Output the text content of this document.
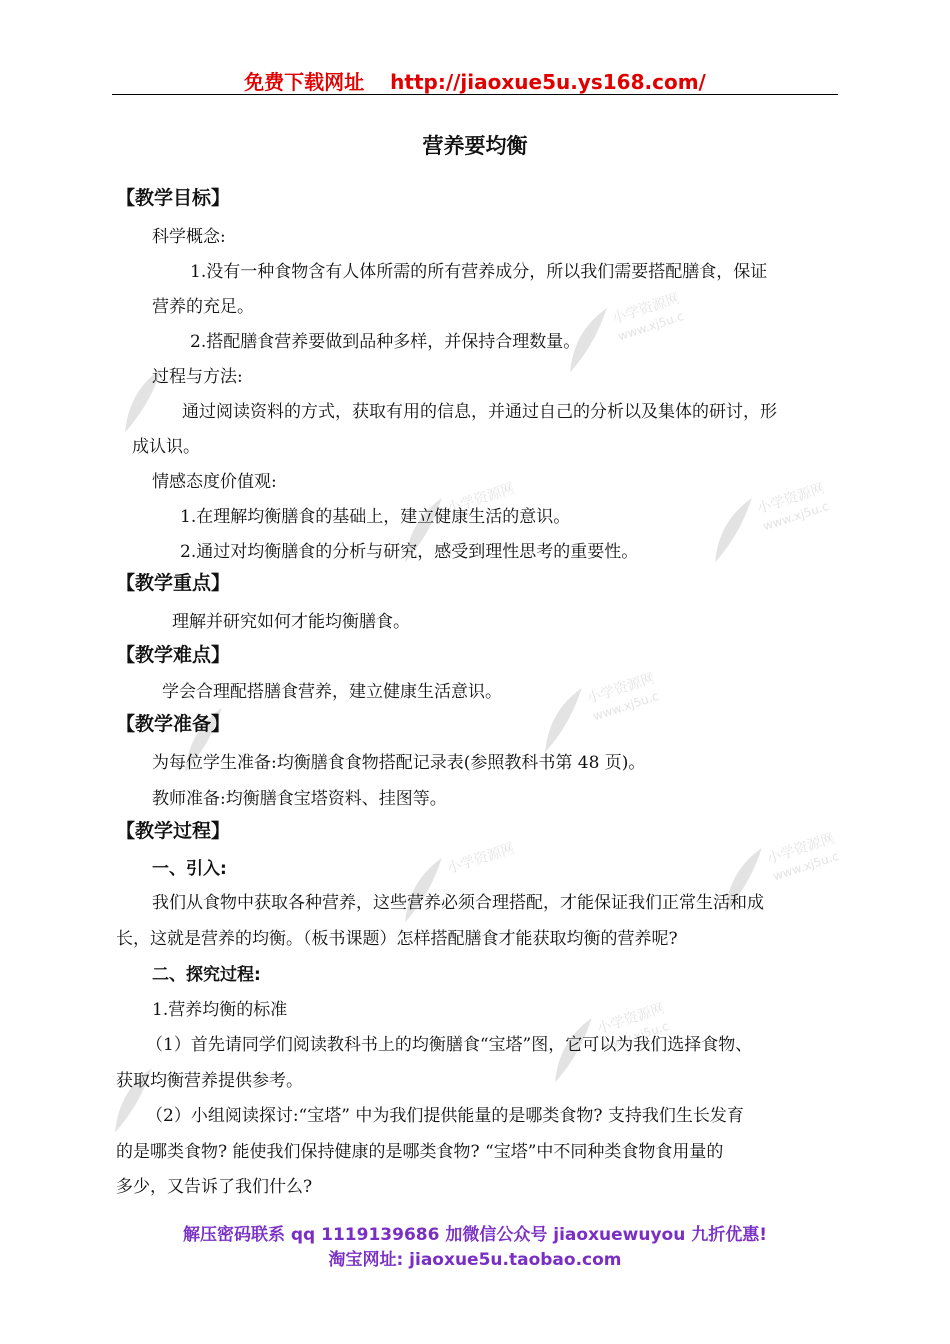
小学资源网
www.xj5u.com
小学资源网	小学资源网
www.xj5u.com
小学资源网
www.xj5u.com
小学资源网	小学资源网
www.xj5u.com
小学资源网
www.xj5u.com
免费下载网址 http://jiaoxue5u.ys168.com/
营养要均衡
【教学目标】
科学概念:
1.没有一种食物含有人体所需的所有营养成分，所以我们需要搭配膳食，保证
营养的充足。
2.搭配膳食营养要做到品种多样，并保持合理数量。
过程与方法:
通过阅读资料的方式，获取有用的信息，并通过自己的分析以及集体的研讨，形
成认识。
情感态度价值观:
1.在理解均衡膳食的基础上，建立健康生活的意识。
2.通过对均衡膳食的分析与研究，感受到理性思考的重要性。
【教学重点】
理解并研究如何才能均衡膳食。
【教学难点】
学会合理配搭膳食营养，建立健康生活意识。
【教学准备】
为每位学生准备:均衡膳食食物搭配记录表(参照教科书第 48 页)。
教师准备:均衡膳食宝塔资料、挂图等。
【教学过程】
一、引入:
我们从食物中获取各种营养，这些营养必须合理搭配，才能保证我们正常生活和成
长，这就是营养的均衡。（板书课题）怎样搭配膳食才能获取均衡的营养呢?
二、探究过程:
1.营养均衡的标准
（1）首先请同学们阅读教科书上的均衡膳食“宝塔”图，它可以为我们选择食物、
获取均衡营养提供参考。
（2）小组阅读探讨:“宝塔” 中为我们提供能量的是哪类食物? 支持我们生长发育
的是哪类食物? 能使我们保持健康的是哪类食物? “宝塔”中不同种类食物食用量的
多少，又告诉了我们什么?
解压密码联系 qq 1119139686 加微信公众号 jiaoxuewuyou 九折优惠!
淘宝网址: jiaoxue5u.taobao.com
